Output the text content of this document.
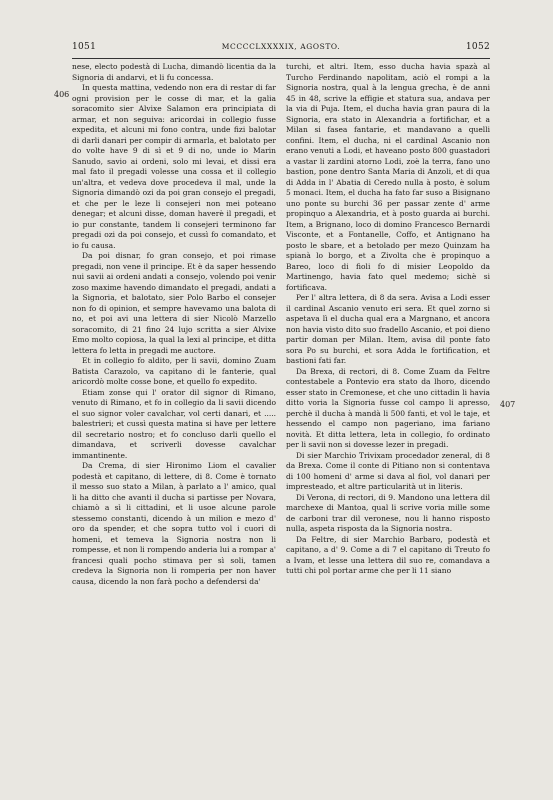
1051	MCCCCLXXXXIX, AGOSTO.	1052
406
407

nese, electo podestà di Lucha, dimandò licentia da la Signoria di andarvi, et li fu concessa.

In questa mattina, vedendo non era di restar di far ogni provision per le cosse di mar, et la galia soracomito sier Alvixe Salamon era principiata di armar, et non seguiva: aricordai in collegio fusse expedita, et alcuni mi fono contra, unde fizi balotar di darli danari per compir di armarla, et balotato per do volte have 9 di sì et 9 di no, unde io Marin Sanudo, savio ai ordeni, solo mi levai, et dissi era mal fato il pregadi volesse una cossa et il collegio un'altra, et vedeva dove procedeva il mal, unde la Signoria dimandò ozi da poi gran consejo el pregadi, et che per le leze li consejeri non mei poteano denegar; et alcuni disse, doman haverè il pregadi, et io pur constante, tandem li consejeri terminono far pregadi ozi da poi consejo, et cussì fo comandato, et io fu causa.

Da poi disnar, fo gran consejo, et poi rimase pregadi, non vene il principe. Et è da saper hessendo nui savii ai ordeni andati a consejo, volendo poi venir zoso maxime havendo dimandato el pregadi, andati a la Signoria, et balotato, sier Polo Barbo el consejer non fo di opinion, et sempre havevamo una balota di no, et poi avi una lettera di sier Nicolò Marzello soracomito, di 21 fino 24 lujo scritta a sier Alvixe Emo molto copiosa, la qual la lexi al principe, et ditta lettera fo letta in pregadi me auctore.

Et in collegio fo aldito, per li savii, domino Zuam Batista Carazolo, va capitano di le fanterie, qual aricordò molte cosse bone, et quello fo expedito.

Etiam zonse qui l' orator dil signor di Rimano, venuto di Rimano, et fo in collegio da li savii dicendo el suo signor voler cavalchar, vol certi danari, et ..... balestrieri; et cussì questa matina si have per lettere dil secretario nostro; et fo concluso darli quello el dimandava, et scriverli dovesse cavalchar immantinente.

Da Crema, di sier Hironimo Liom el cavalier podestà et capitano, di lettere, di 8. Come è tornato il messo suo stato a Milan, à parlato a l' amico, qual li ha ditto che avanti il ducha si partisse per Novara, chiamò a sì li cittadini, et li usoe alcune parole stessemo constanti, dicendo à un milion e mezo d' oro da spender, et che sopra tutto vol i cuori di homeni, et temeva la Signoria nostra non li rompesse, et non li rompendo anderia lui a rompar a' francesi quali pocho stimava per sì soli, tamen credeva la Signoria non li romperia per non haver causa, dicendo la non farà pocho a defendersi da'

turchi, et altri. Item, esso ducha havia spazà al Turcho Ferdinando napolitam, aciò el rompi a la Signoria nostra, qual à la lengua grecha, è de anni 45 in 48, scrive la effigie et statura sua, andava per la via di Puja. Item, el ducha havia gran paura di la Signoria, era stato in Alexandria a fortifichar, et a Milan si fasea fantarie, et mandavano a quelli confini. Item, el ducha, ni el cardinal Ascanio non erano venuti a Lodi, et haveano posto 800 guastadori a vastar li zardini atorno Lodi, zoè la terra, fano uno bastion, pone dentro Santa Maria di Anzoli, et di qua di Adda in l' Abatia di Ceredo nulla à posto, è solum 5 monaci. Item, el ducha ha fato far suso a Bisignano uno ponte su burchi 36 per passar zente d' arme propinquo a Alexandria, et à posto guarda ai burchi. Item, a Brignano, loco di domino Francesco Bernardi Visconte, et a Fontanelle, Coffo, et Antignano ha posto le sbare, et a betolado per mezo Quinzam ha spianà lo borgo, et a Zivolta che è propinquo a Bareo, loco di fioli fo di misier Leopoldo da Martinengo, havia fato quel medemo; sichè si fortificava.

Per l' altra lettera, di 8 da sera. Avisa a Lodi esser il cardinal Ascanio venuto eri sera. Et quel zorno si aspetava lì el ducha qual era a Margnano, et ancora non havia visto dito suo fradello Ascanio, et poi dieno partir doman per Milan. Item, avisa dil ponte fato sora Po su burchi, et sora Adda le fortification, et bastioni fati far.

Da Brexa, di rectori, di 8. Come Zuam da Feltre contestabele a Pontevio era stato da lhoro, dicendo esser stato in Cremonese, et che uno cittadin li havia ditto voria la Signoria fusse col campo li apresso, perchè il ducha à mandà li 500 fanti, et vol le taje, et hessendo el campo non pageriano, ima fariano novità. Et ditta lettera, leta in collegio, fo ordinato per li savii non si dovesse lezer in pregadi.

Di sier Marchio Trivixam procedador zeneral, di 8 da Brexa. Come il conte di Pitiano non si contentava di 100 homeni d' arme si dava al fiol, vol danari per impresteado, et altre particularità ut in literis.

Di Verona, di rectori, di 9. Mandono una lettera dil marchexe di Mantoa, qual li scrive voria mille some de carboni trar dil veronese, nou li hanno risposto nulla, aspeta risposta da la Signoria nostra.

Da Feltre, di sier Marchio Barbaro, podestà et capitano, a d' 9. Come a di 7 el capitano di Treuto fo a Ivam, et lesse una lettera dil suo re, comandava a tutti chi pol portar arme che per li 11 siano
